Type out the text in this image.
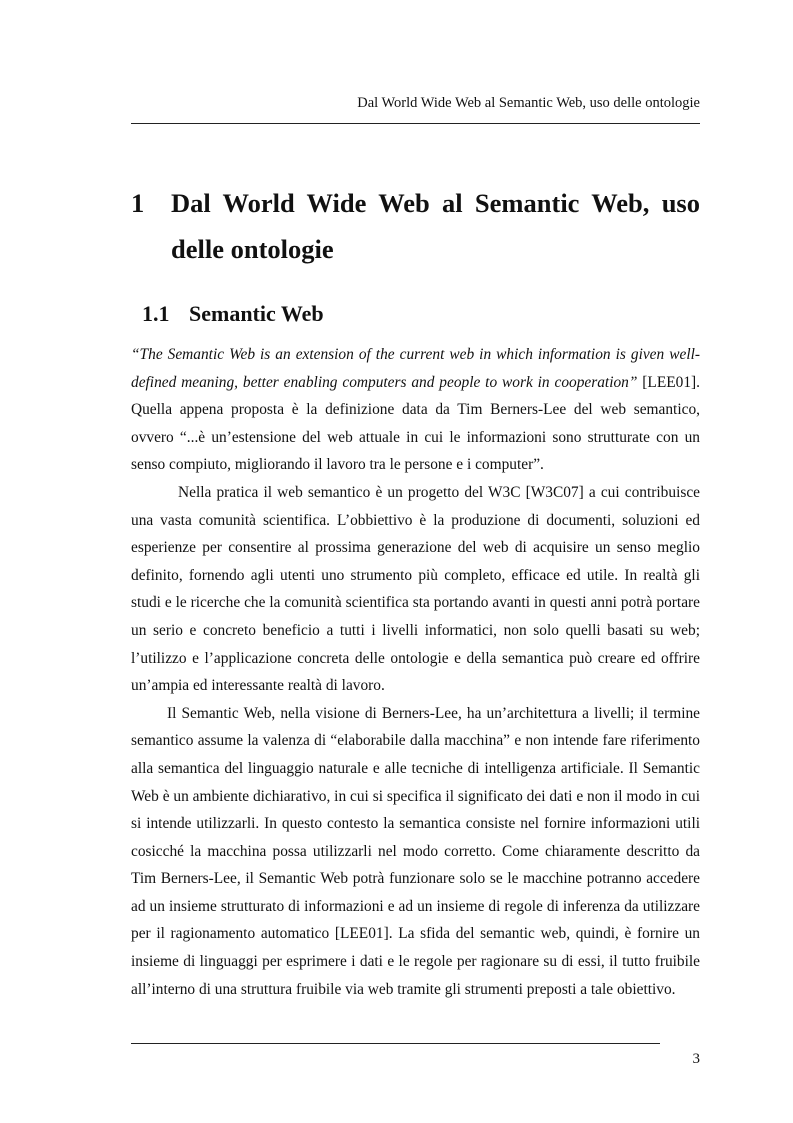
Dal World Wide Web al Semantic Web, uso delle ontologie
1 Dal World Wide Web al Semantic Web, uso delle ontologie
1.1 Semantic Web

“The Semantic Web is an extension of the current web in which information is given well-defined meaning, better enabling computers and people to work in cooperation” [LEE01]. Quella appena proposta è la definizione data da Tim Berners-Lee del web semantico, ovvero “...è un’estensione del web attuale in cui le informazioni sono strutturate con un senso compiuto, migliorando il lavoro tra le persone e i computer”.

Nella pratica il web semantico è un progetto del W3C [W3C07] a cui contribuisce una vasta comunità scientifica. L’obbiettivo è la produzione di documenti, soluzioni ed esperienze per consentire al prossima generazione del web di acquisire un senso meglio definito, fornendo agli utenti uno strumento più completo, efficace ed utile. In realtà gli studi e le ricerche che la comunità scientifica sta portando avanti in questi anni potrà portare un serio e concreto beneficio a tutti i livelli informatici, non solo quelli basati su web; l’utilizzo e l’applicazione concreta delle ontologie e della semantica può creare ed offrire un’ampia ed interessante realtà di lavoro.

Il Semantic Web, nella visione di Berners-Lee, ha un’architettura a livelli; il termine semantico assume la valenza di “elaborabile dalla macchina” e non intende fare riferimento alla semantica del linguaggio naturale e alle tecniche di intelligenza artificiale. Il Semantic Web è un ambiente dichiarativo, in cui si specifica il significato dei dati e non il modo in cui si intende utilizzarli. In questo contesto la semantica consiste nel fornire informazioni utili cosicché la macchina possa utilizzarli nel modo corretto. Come chiaramente descritto da Tim Berners-Lee, il Semantic Web potrà funzionare solo se le macchine potranno accedere ad un insieme strutturato di informazioni e ad un insieme di regole di inferenza da utilizzare per il ragionamento automatico [LEE01]. La sfida del semantic web, quindi, è fornire un insieme di linguaggi per esprimere i dati e le regole per ragionare su di essi, il tutto fruibile all’interno di una struttura fruibile via web tramite gli strumenti preposti a tale obiettivo.

3
